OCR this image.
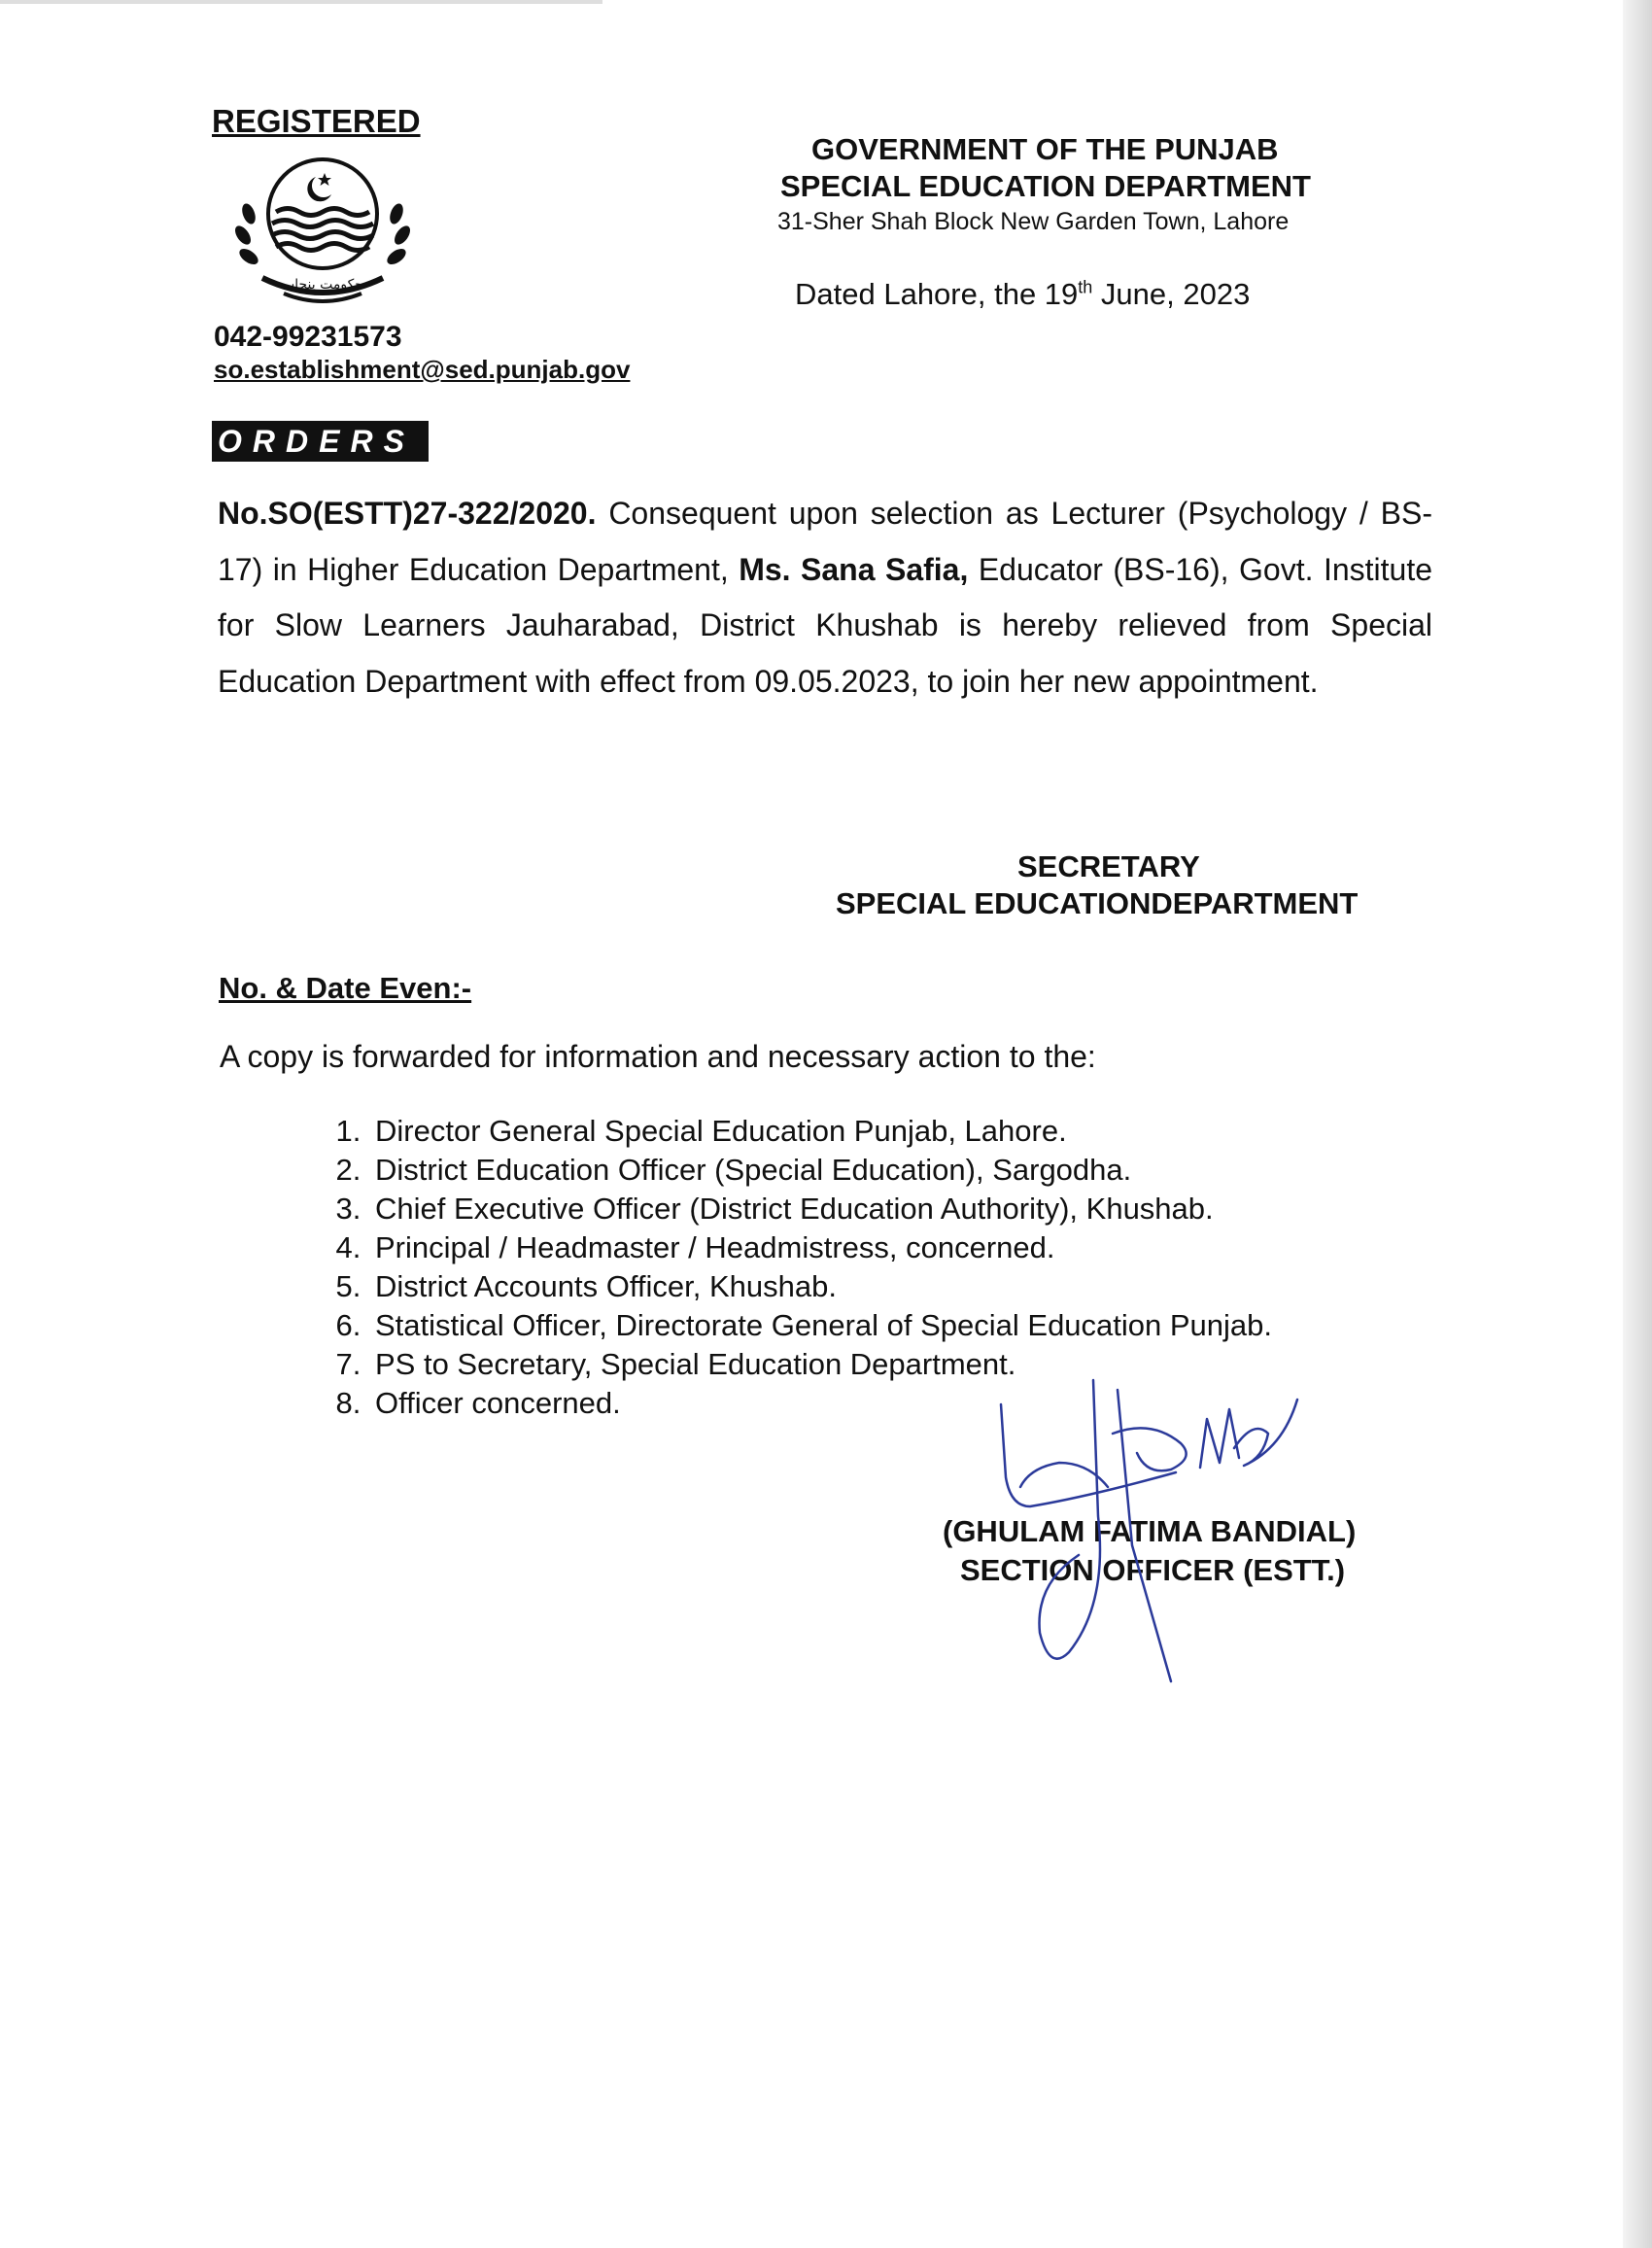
REGISTERED
حکومت پنجاب
042-99231573
so.establishment@sed.punjab.gov
GOVERNMENT OF THE PUNJAB
SPECIAL EDUCATION DEPARTMENT
31-Sher Shah Block New Garden Town, Lahore
Dated Lahore, the 19th June, 2023
ORDERS
No.SO(ESTT)27-322/2020. Consequent upon selection as Lecturer (Psychology / BS-17) in Higher Education Department, Ms. Sana Safia, Educator (BS-16), Govt. Institute for Slow Learners Jauharabad, District Khushab is hereby relieved from Special Education Department with effect from 09.05.2023, to join her new appointment.
SECRETARY
SPECIAL EDUCATIONDEPARTMENT
No. & Date Even:-
A copy is forwarded for information and necessary action to the:
1. Director General Special Education Punjab, Lahore.
2. District Education Officer (Special Education), Sargodha.
3. Chief Executive Officer (District Education Authority), Khushab.
4. Principal / Headmaster / Headmistress, concerned.
5. District Accounts Officer, Khushab.
6. Statistical Officer, Directorate General of Special Education Punjab.
7. PS to Secretary, Special Education Department.
8. Officer concerned.
(GHULAM FATIMA BANDIAL)
SECTION OFFICER (ESTT.)
